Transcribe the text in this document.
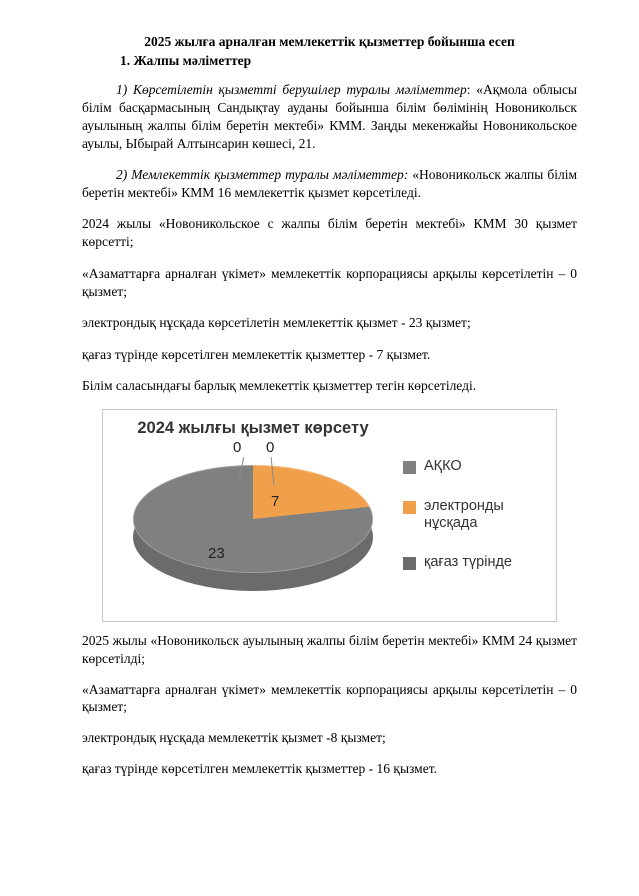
2025 жылға арналған мемлекеттік қызметтер бойынша есеп
1. Жалпы мәліметтер

1) Көрсетілетін қызметті берушілер туралы мәліметтер: «Ақмола облысы білім басқармасының Сандықтау ауданы бойынша білім бөлімінің Новоникольск ауылының жалпы білім беретін мектебі» КММ. Заңды мекенжайы Новоникольское ауылы, Ыбырай Алтынсарин көшесі, 21.

2) Мемлекеттік қызметтер туралы мәліметтер: «Новоникольск жалпы білім беретін мектебі» КММ 16 мемлекеттік қызмет көрсетіледі.

2024 жылы «Новоникольское с жалпы білім беретін мектебі» КММ 30 қызмет көрсетті;

«Азаматтарға арналған үкімет» мемлекеттік корпорациясы арқылы көрсетілетін – 0 қызмет;

электрондық нұсқада көрсетілетін мемлекеттік қызмет - 23 қызмет;

қағаз түрінде көрсетілген мемлекеттік қызметтер - 7 қызмет.

Білім саласындағы барлық мемлекеттік қызметтер тегін көрсетіледі.

2024 жылғы қызмет көрсету
0 0
7
23
АҚКО
электронды нұсқада
қағаз түрінде

2025 жылы «Новоникольск ауылының жалпы білім беретін мектебі» КММ 24 қызмет көрсетілді;

«Азаматтарға арналған үкімет» мемлекеттік корпорациясы арқылы көрсетілетін – 0 қызмет;

электрондық нұсқада мемлекеттік қызмет -8 қызмет;

қағаз түрінде көрсетілген мемлекеттік қызметтер - 16 қызмет.
